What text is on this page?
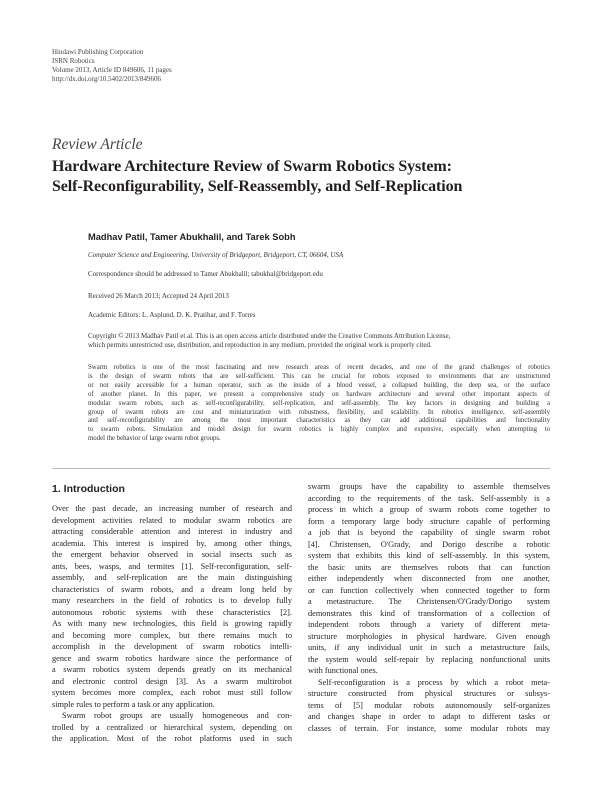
Hindawi Publishing Corporation
ISRN Robotics
Volume 2013, Article ID 849606, 11 pages
http://dx.doi.org/10.5402/2013/849606
Review Article
Hardware Architecture Review of Swarm Robotics System:
Self-Reconfigurability, Self-Reassembly, and Self-Replication
Madhav Patil, Tamer Abukhalil, and Tarek Sobh
Computer Science and Engineering, University of Bridgeport, Bridgeport, CT, 06604, USA
Correspondence should be addressed to Tamer Abukhalil; tabukhal@bridgeport.edu
Received 26 March 2013; Accepted 24 April 2013
Academic Editors: L. Asplund, D. K. Pratihar, and F. Torres
Copyright © 2013 Madhav Patil et al. This is an open access article distributed under the Creative Commons Attribution License,
which permits unrestricted use, distribution, and reproduction in any medium, provided the original work is properly cited.
Swarm robotics is one of the most fascinating and new research areas of recent decades, and one of the grand challenges of robotics
is the design of swarm robots that are self-sufficient. This can be crucial for robots exposed to environments that are unstructured
or not easily accessible for a human operator, such as the inside of a blood vessel, a collapsed building, the deep sea, or the surface
of another planet. In this paper, we present a comprehensive study on hardware architecture and several other important aspects of
modular swarm robots, such as self-reconfigurability, self-replication, and self-assembly. The key factors in designing and building a
group of swarm robots are cost and miniaturization with robustness, flexibility, and scalability. In robotics intelligence, self-assembly
and self-reconfigurability are among the most important characteristics as they can add additional capabilities and functionality
to swarm robots. Simulation and model design for swarm robotics is highly complex and expensive, especially when attempting to
model the behavior of large swarm robot groups.
1. Introduction
Over the past decade, an increasing number of research and
development activities related to modular swarm robotics are
attracting considerable attention and interest in industry and
academia. This interest is inspired by, among other things,
the emergent behavior observed in social insects such as
ants, bees, wasps, and termites [1]. Self-reconfiguration, self-
assembly, and self-replication are the main distinguishing
characteristics of swarm robots, and a dream long held by
many researchers in the field of robotics is to develop fully
autonomous robotic systems with these characteristics [2].
As with many new technologies, this field is growing rapidly
and becoming more complex, but there remains much to
accomplish in the development of swarm robotics intelli-
gence and swarm robotics hardware since the performance of
a swarm robotics system depends greatly on its mechanical
and electronic control design [3]. As a swarm multirobot
system becomes more complex, each robot must still follow
simple rules to perform a task or any application.
Swarm robot groups are usually homogeneous and con-
trolled by a centralized or hierarchical system, depending on
the application. Most of the robot platforms used in such
swarm groups have the capability to assemble themselves
according to the requirements of the task. Self-assembly is a
process in which a group of swarm robots come together to
form a temporary large body structure capable of performing
a job that is beyond the capability of single swarm robot
[4]. Christensen, O'Grady, and Dorigo describe a robotic
system that exhibits this kind of self-assembly. In this system,
the basic units are themselves robots that can function
either independently when disconnected from one another,
or can function collectively when connected together to form
a metastructure. The Christensen/O'Grady/Dorigo system
demonstrates this kind of transformation of a collection of
independent robots through a variety of different meta-
structure morphologies in physical hardware. Given enough
units, if any individual unit in such a metastructure fails,
the system would self-repair by replacing nonfunctional units
with functional ones.
Self-reconfiguration is a process by which a robot meta-
structure constructed from physical structures or subsys-
tems of [5] modular robots autonomously self-organizes
and changes shape in order to adapt to different tasks or
classes of terrain. For instance, some modular robots may
